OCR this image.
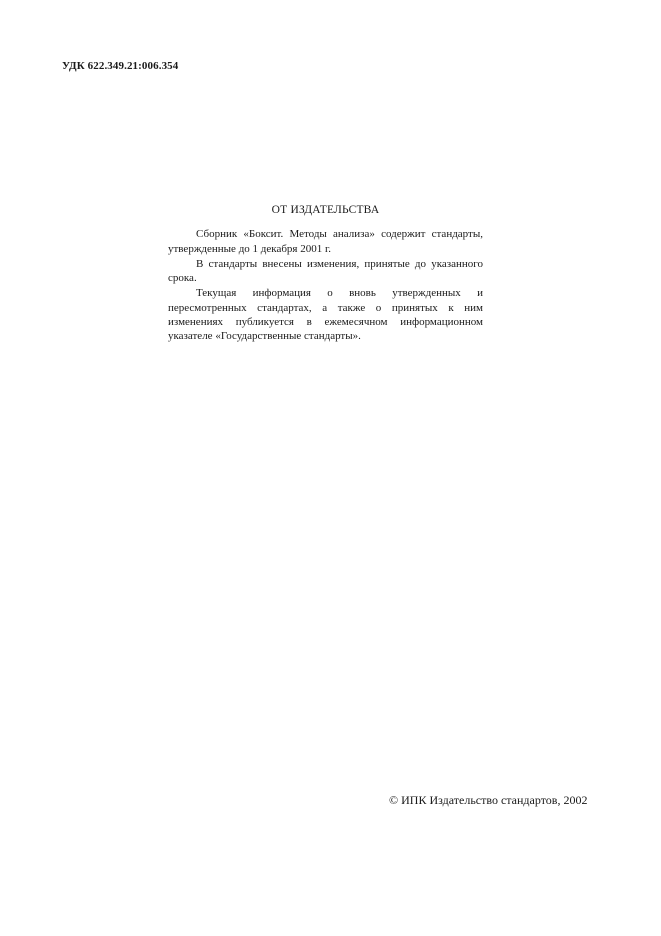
УДК 622.349.21:006.354
ОТ ИЗДАТЕЛЬСТВА

Сборник «Боксит. Методы анализа» содержит стандарты, утвержденные до 1 декабря 2001 г.

В стандарты внесены изменения, принятые до указанного срока.

Текущая информация о вновь утвержденных и пересмотренных стандартах, а также о принятых к ним изменениях публикуется в ежемесячном информационном указателе «Государственные стандарты».

© ИПК Издательство стандартов, 2002
